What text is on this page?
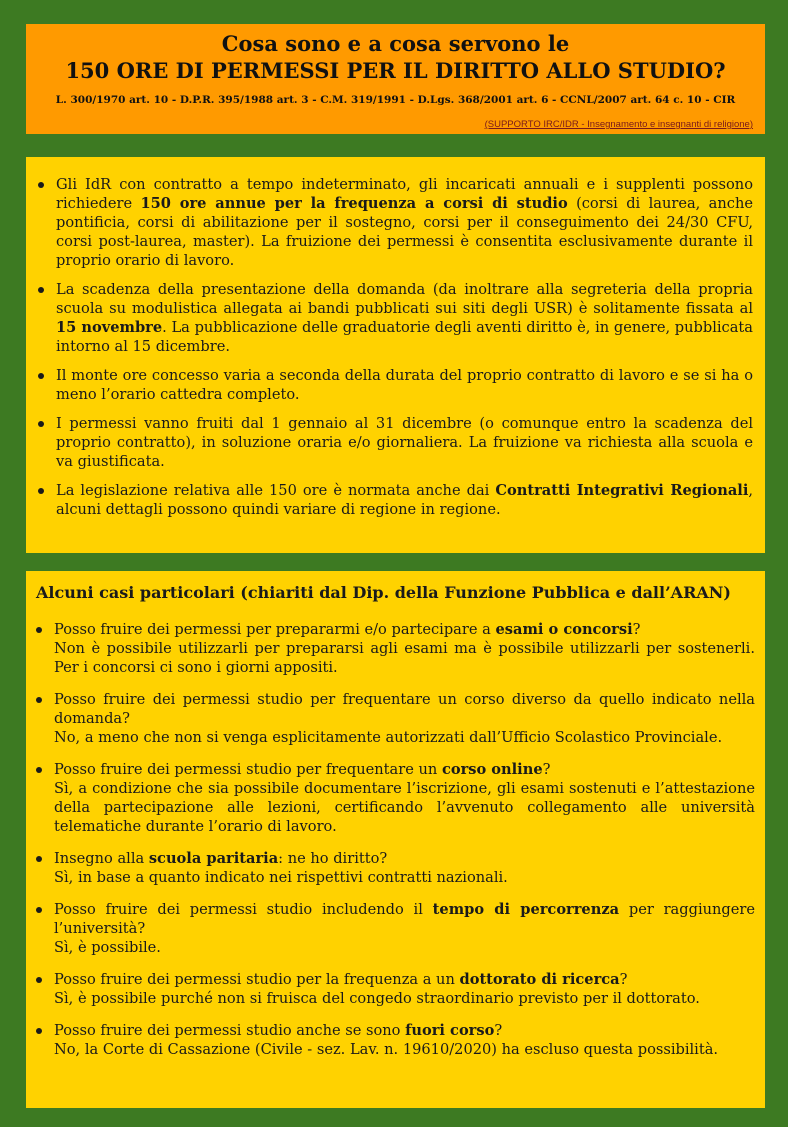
Cosa sono e a cosa servono le
150 ORE DI PERMESSI PER IL DIRITTO ALLO STUDIO?
L. 300/1970 art. 10 - D.P.R. 395/1988 art. 3 - C.M. 319/1991 - D.Lgs. 368/2001 art. 6 - CCNL/2007 art. 64 c. 10 - CIR
(SUPPORTO IRC/IDR - Insegnamento e insegnanti di religione)
Gli IdR con contratto a tempo indeterminato, gli incaricati annuali e i supplenti possono richiedere 150 ore annue per la frequenza a corsi di studio (corsi di laurea, anche pontificia, corsi di abilitazione per il sostegno, corsi per il conseguimento dei 24/30 CFU, corsi post-laurea, master). La fruizione dei permessi è consentita esclusivamente durante il proprio orario di lavoro.
La scadenza della presentazione della domanda (da inoltrare alla segreteria della propria scuola su modulistica allegata ai bandi pubblicati sui siti degli USR) è solitamente fissata al 15 novembre. La pubblicazione delle graduatorie degli aventi diritto è, in genere, pubblicata intorno al 15 dicembre.
Il monte ore concesso varia a seconda della durata del proprio contratto di lavoro e se si ha o meno l’orario cattedra completo.
I permessi vanno fruiti dal 1 gennaio al 31 dicembre (o comunque entro la scadenza del proprio contratto), in soluzione oraria e/o giornaliera. La fruizione va richiesta alla scuola e va giustificata.
La legislazione relativa alle 150 ore è normata anche dai Contratti Integrativi Regionali, alcuni dettagli possono quindi variare di regione in regione.
Alcuni casi particolari (chiariti dal Dip. della Funzione Pubblica e dall’ARAN)
Posso fruire dei permessi per prepararmi e/o partecipare a esami o concorsi?
Non è possibile utilizzarli per prepararsi agli esami ma è possibile utilizzarli per sostenerli. Per i concorsi ci sono i giorni appositi.
Posso fruire dei permessi studio per frequentare un corso diverso da quello indicato nella domanda?
No, a meno che non si venga esplicitamente autorizzati dall’Ufficio Scolastico Provinciale.
Posso fruire dei permessi studio per frequentare un corso online?
Sì, a condizione che sia possibile documentare l’iscrizione, gli esami sostenuti e l’attestazione della partecipazione alle lezioni, certificando l’avvenuto collegamento alle università telematiche durante l’orario di lavoro.
Insegno alla scuola paritaria: ne ho diritto?
Sì, in base a quanto indicato nei rispettivi contratti nazionali.
Posso fruire dei permessi studio includendo il tempo di percorrenza per raggiungere l’università?
Sì, è possibile.
Posso fruire dei permessi studio per la frequenza a un dottorato di ricerca?
Sì, è possibile purché non si fruisca del congedo straordinario previsto per il dottorato.
Posso fruire dei permessi studio anche se sono fuori corso?
No, la Corte di Cassazione (Civile - sez. Lav. n. 19610/2020) ha escluso questa possibilità.
